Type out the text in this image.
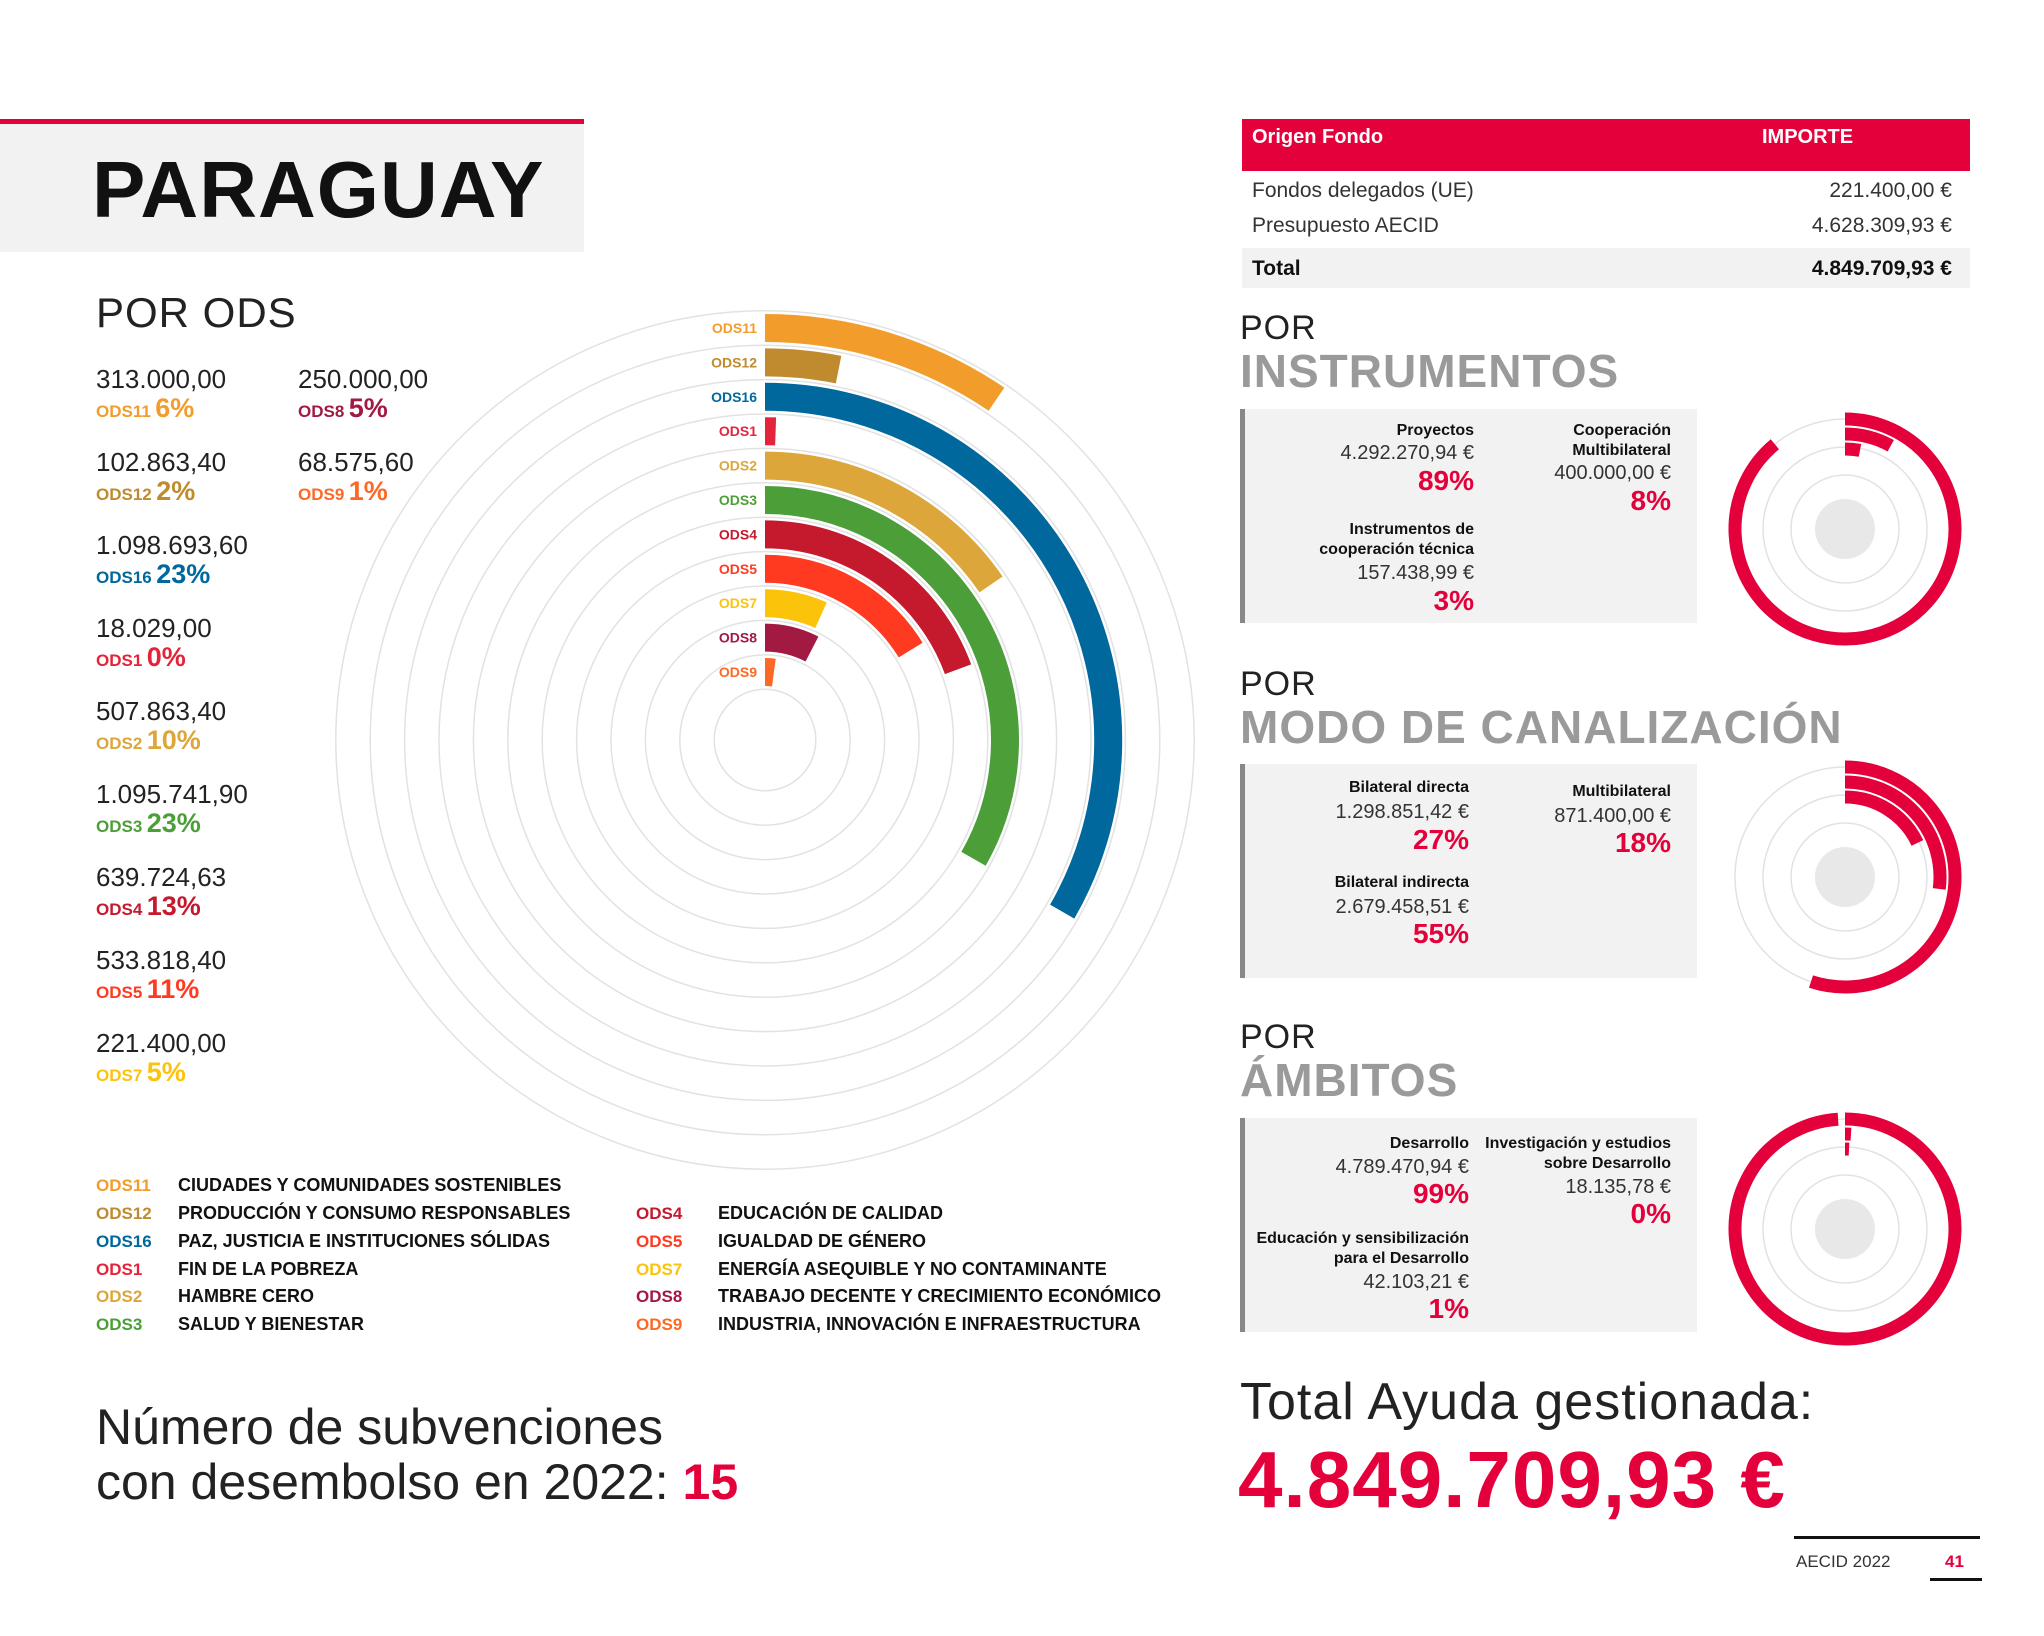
PARAGUAY
POR ODS
313.000,00
ODS11 6%
102.863,40
ODS12 2%
1.098.693,60
ODS16 23%
18.029,00
ODS1 0%
507.863,40
ODS2 10%
1.095.741,90
ODS3 23%
639.724,63
ODS4 13%
533.818,40
ODS5 11%
221.400,00
ODS7 5%
250.000,00
ODS8 5%
68.575,60
ODS9 1%
ODS11
ODS12
ODS16
ODS1
ODS2
ODS3
ODS4
ODS5
ODS7
ODS8
ODS9
ODS11 CIUDADES Y COMUNIDADES SOSTENIBLES
ODS12 PRODUCCIÓN Y CONSUMO RESPONSABLES
ODS16 PAZ, JUSTICIA E INSTITUCIONES SÓLIDAS
ODS1 FIN DE LA POBREZA
ODS2 HAMBRE CERO
ODS3 SALUD Y BIENESTAR
ODS4 EDUCACIÓN DE CALIDAD
ODS5 IGUALDAD DE GÉNERO
ODS7 ENERGÍA ASEQUIBLE Y NO CONTAMINANTE
ODS8 TRABAJO DECENTE Y CRECIMIENTO ECONÓMICO
ODS9 INDUSTRIA, INNOVACIÓN E INFRAESTRUCTURA
Número de subvenciones
con desembolso en 2022: 15
Origen Fondo	IMPORTE
Fondos delegados (UE)	221.400,00 €
Presupuesto AECID	4.628.309,93 €
Total	4.849.709,93 €
POR
INSTRUMENTOS
Proyectos
4.292.270,94 €
89%
Cooperación Multibilateral
400.000,00 €
8%
Instrumentos de cooperación técnica
157.438,99 €
3%
POR
MODO DE CANALIZACIÓN
Bilateral directa
1.298.851,42 €
27%
Multibilateral
871.400,00 €
18%
Bilateral indirecta
2.679.458,51 €
55%
POR
ÁMBITOS
Desarrollo
4.789.470,94 €
99%
Investigación y estudios sobre Desarrollo
18.135,78 €
0%
Educación y sensibilización para el Desarrollo
42.103,21 €
1%
Total Ayuda gestionada:
4.849.709,93 €
AECID 2022	41
